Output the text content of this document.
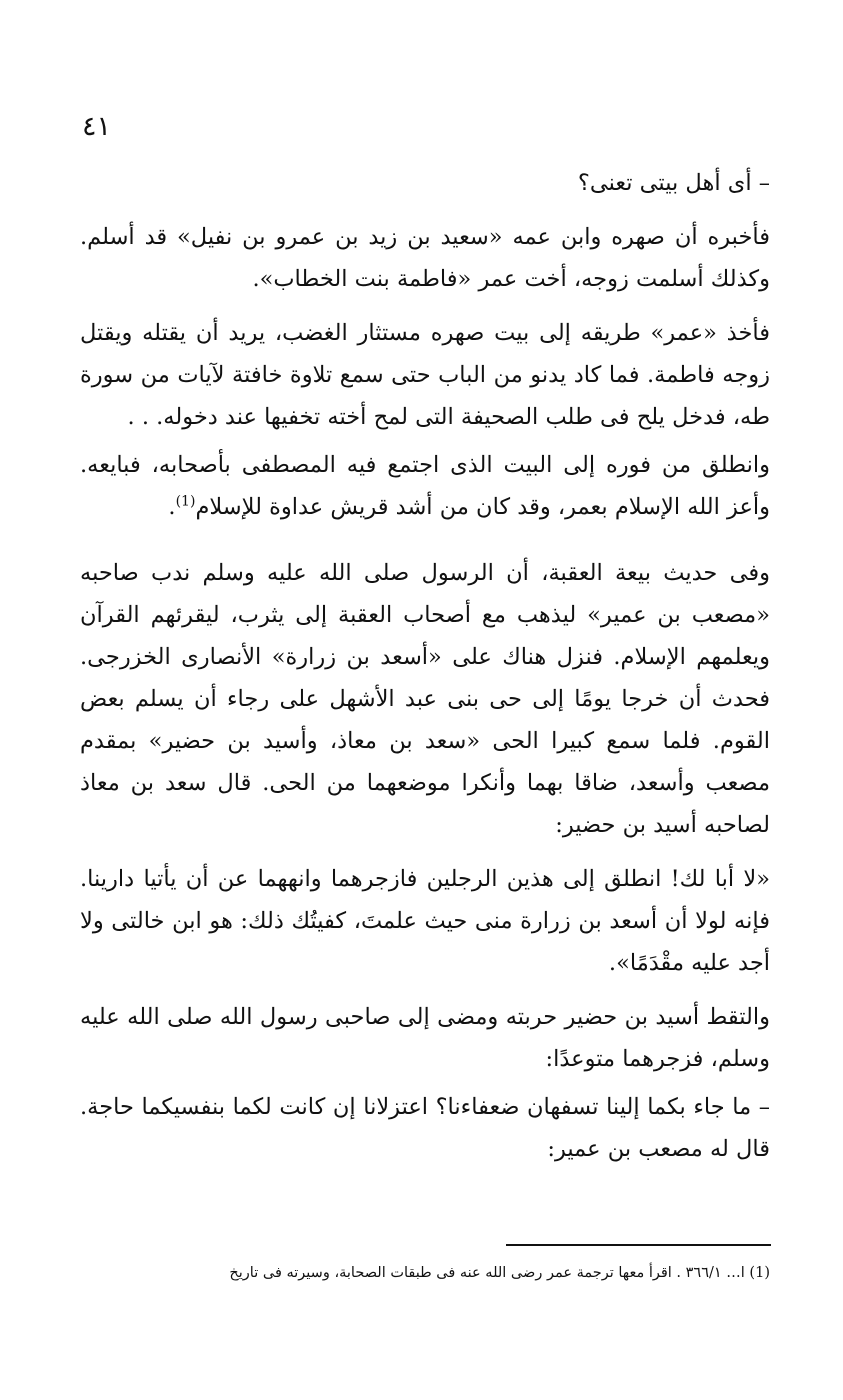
٤١

– أى أهل بيتى تعنى؟

فأخبره أن صهره وابن عمه «سعيد بن زيد بن عمرو بن نفيل» قد أسلم. وكذلك أسلمت زوجه، أخت عمر «فاطمة بنت الخطاب».

فأخذ «عمر» طريقه إلى بيت صهره مستثار الغضب، يريد أن يقتله ويقتل زوجه فاطمة. فما كاد يدنو من الباب حتى سمع تلاوة خافتة لآيات من سورة طه، فدخل يلح فى طلب الصحيفة التى لمح أخته تخفيها عند دخوله. . .

وانطلق من فوره إلى البيت الذى اجتمع فيه المصطفى بأصحابه، فبايعه. وأعز الله الإسلام بعمر، وقد كان من أشد قريش عداوة للإسلام$^{(1)}$.

وفى حديث بيعة العقبة، أن الرسول صلى الله عليه وسلم ندب صاحبه «مصعب بن عمير» ليذهب مع أصحاب العقبة إلى يثرب، ليقرئهم القرآن ويعلمهم الإسلام. فنزل هناك على «أسعد بن زرارة» الأنصارى الخزرجى. فحدث أن خرجا يومًا إلى حى بنى عبد الأشهل على رجاء أن يسلم بعض القوم. فلما سمع كبيرا الحى «سعد بن معاذ، وأسيد بن حضير» بمقدم مصعب وأسعد، ضاقا بهما وأنكرا موضعهما من الحى. قال سعد بن معاذ لصاحبه أسيد بن حضير:

«لا أبا لك! انطلق إلى هذين الرجلين فازجرهما وانههما عن أن يأتيا دارينا. فإنه لولا أن أسعد بن زرارة منى حيث علمتَ، كفيتُك ذلك: هو ابن خالتى ولا أجد عليه مقْدَمًا».

والتقط أسيد بن حضير حربته ومضى إلى صاحبى رسول الله صلى الله عليه وسلم، فزجرهما متوعدًا:

– ما جاء بكما إلينا تسفهان ضعفاءنا؟ اعتزلانا إن كانت لكما بنفسيكما حاجة. قال له مصعب بن عمير:

(1) ا… ٣٦٦/١ . اقرأ معها ترجمة عمر رضى الله عنه فى طبقات الصحابة، وسيرته فى تاريخ
